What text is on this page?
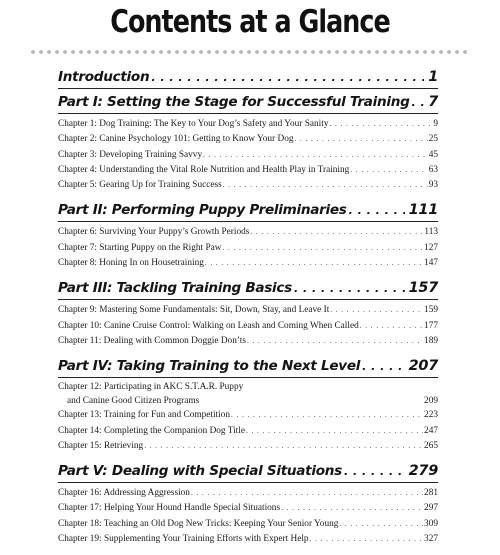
Contents at a Glance
Introduction . . .	1
Part I: Setting the Stage for Successful Training . . . 7
Chapter 1: Dog Training: The Key to Your Dog’s Safety and Your Sanity . . .	9
Chapter 2: Canine Psychology 101: Getting to Know Your Dog . . .	25
Chapter 3: Developing Training Savvy . . .	45
Chapter 4: Understanding the Vital Role Nutrition and Health Play in Training . . .	63
Chapter 5: Gearing Up for Training Success . . .	93
Part II: Performing Puppy Preliminaries . . .	111
Chapter 6: Surviving Your Puppy’s Growth Periods . . .	113
Chapter 7: Starting Puppy on the Right Paw . . .	127
Chapter 8: Honing In on Housetraining . . .	147
Part III: Tackling Training Basics . . .	157
Chapter 9: Mastering Some Fundamentals: Sit, Down, Stay, and Leave It . . .	159
Chapter 10: Canine Cruise Control: Walking on Leash and Coming When Called . . .	177
Chapter 11: Dealing with Common Doggie Don’ts . . .	189
Part IV: Taking Training to the Next Level . . .	207
Chapter 12: Participating in AKC S.T.A.R. Puppy
and Canine Good Citizen Programs	209
Chapter 13: Training for Fun and Competition . . .	223
Chapter 14: Completing the Companion Dog Title . . .	247
Chapter 15: Retrieving . . .	265
Part V: Dealing with Special Situations . . .	279
Chapter 16: Addressing Aggression . . .	281
Chapter 17: Helping Your Hound Handle Special Situations . . .	297
Chapter 18: Teaching an Old Dog New Tricks: Keeping Your Senior Young . . .	309
Chapter 19: Supplementing Your Training Efforts with Expert Help . . .	327
